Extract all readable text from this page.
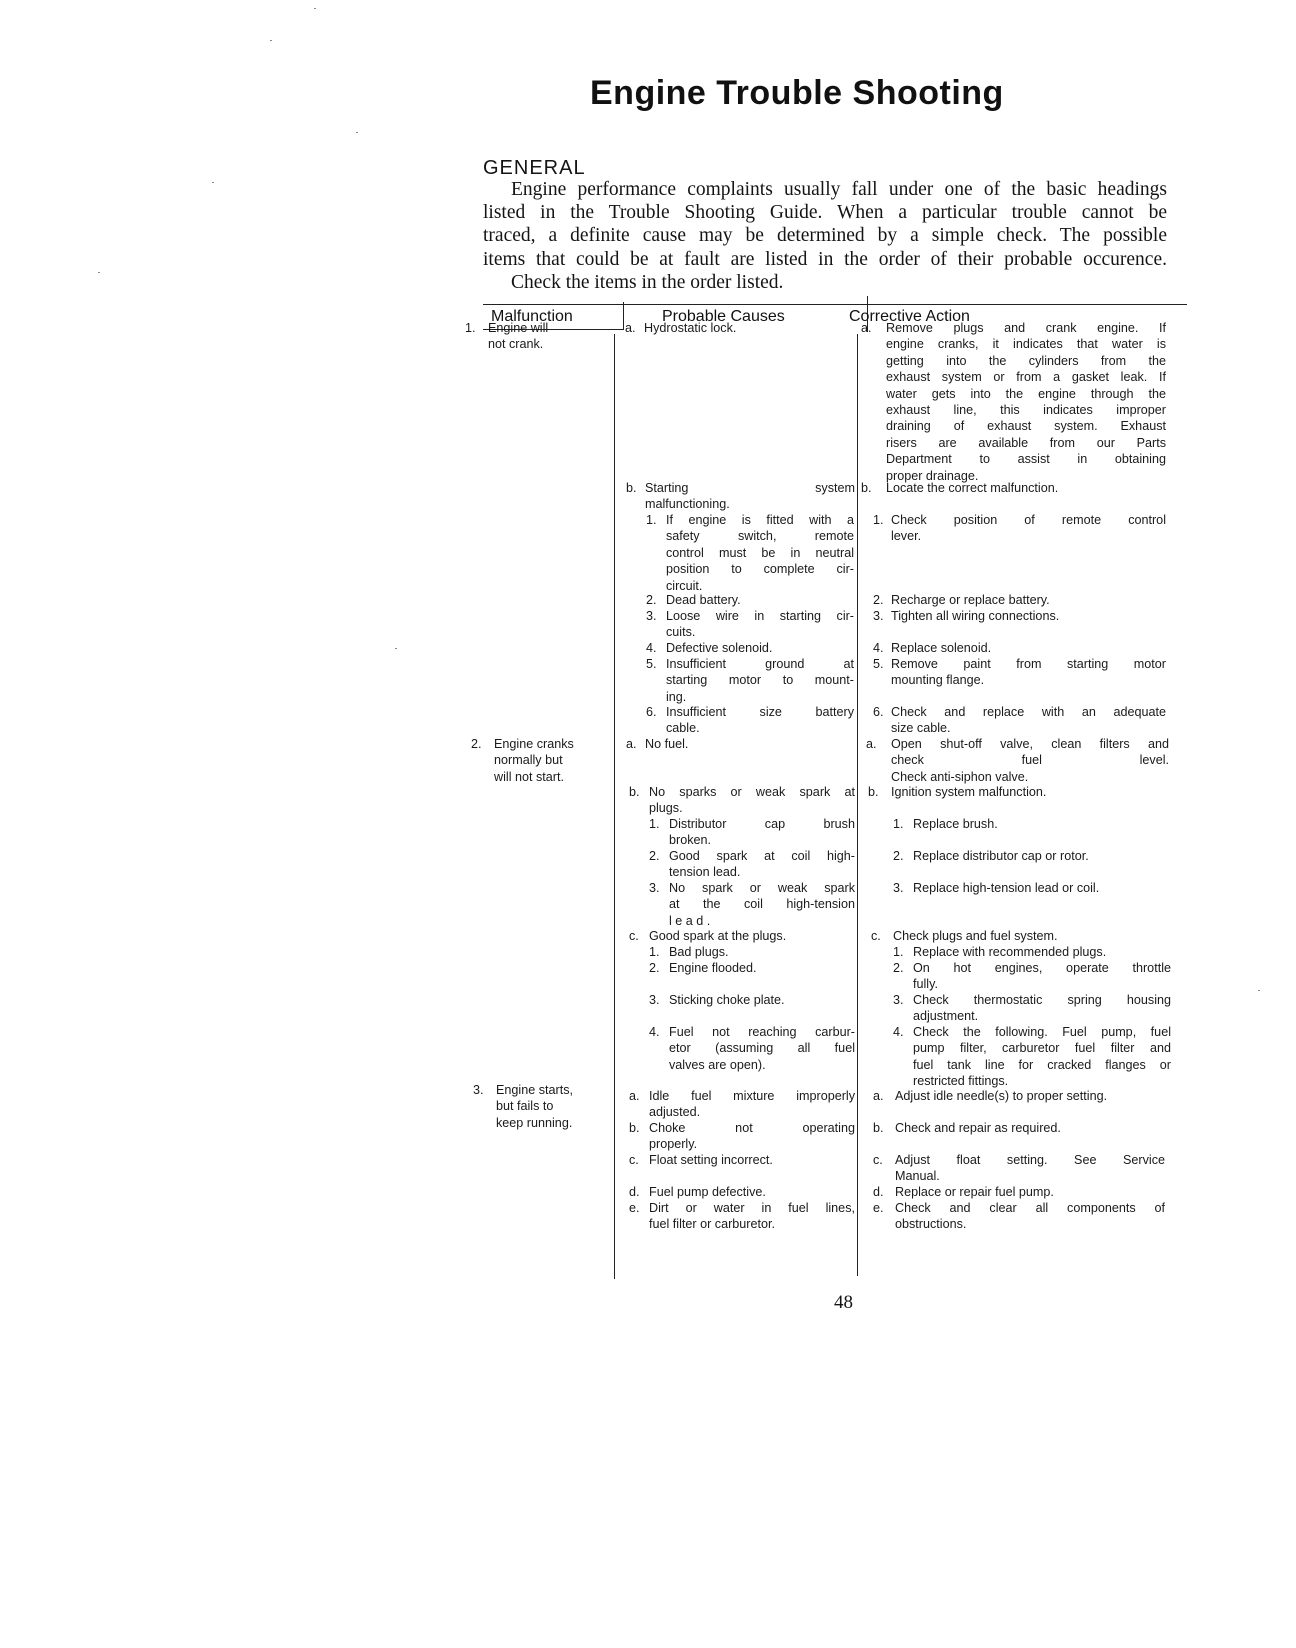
Engine Trouble Shooting
GENERAL
Engine performance complaints usually fall under one of the basic headings
listed in the Trouble Shooting Guide. When a particular trouble cannot be
traced, a definite cause may be determined by a simple check. The possible
items that could be at fault are listed in the order of their probable occurence.
Check the items in the order listed.
Malfunction	Probable Causes	Corrective Action
1. Engine will
not crank.
2. Engine cranks
normally but
will not start.
3. Engine starts,
but fails to
keep running.
a. Hydrostatic lock.
b. Starting system
malfunctioning.
1. If engine is fitted with a
safety switch, remote
control must be in neutral
position to complete cir-
circuit.
2. Dead battery.
3. Loose wire in starting cir-
cuits.
4. Defective solenoid.
5. Insufficient ground at
starting motor to mount-
ing.
6. Insufficient size battery
cable.
a. No fuel.
b. No sparks or weak spark at
plugs.
1. Distributor cap brush
broken.
2. Good spark at coil high-
tension lead.
3. No spark or weak spark
at the coil high-tension
l e a d .
c. Good spark at the plugs.
1. Bad plugs.
2. Engine flooded.
3. Sticking choke plate.
4. Fuel not reaching carbur-
etor (assuming all fuel
valves are open).
a. Idle fuel mixture improperly
adjusted.
b. Choke not operating
properly.
c. Float setting incorrect.
d. Fuel pump defective.
e. Dirt or water in fuel lines,
fuel filter or carburetor.
a. Remove plugs and crank engine. If
engine cranks, it indicates that water is
getting into the cylinders from the
exhaust system or from a gasket leak. If
water gets into the engine through the
exhaust line, this indicates improper
draining of exhaust system. Exhaust
risers are available from our Parts
Department to assist in obtaining
proper drainage.
b. Locate the correct malfunction.
1. Check position of remote control
lever.
2. Recharge or replace battery.
3. Tighten all wiring connections.
4. Replace solenoid.
5. Remove paint from starting motor
mounting flange.
6. Check and replace with an adequate
size cable.
a. Open shut-off valve, clean filters and
check fuel level.
Check anti-siphon valve.
b. Ignition system malfunction.
1. Replace brush.
2. Replace distributor cap or rotor.
3. Replace high-tension lead or coil.
c. Check plugs and fuel system.
1. Replace with recommended plugs.
2. On hot engines, operate throttle
fully.
3. Check thermostatic spring housing
adjustment.
4. Check the following. Fuel pump, fuel
pump filter, carburetor fuel filter and
fuel tank line for cracked flanges or
restricted fittings.
a. Adjust idle needle(s) to proper setting.
b. Check and repair as required.
c. Adjust float setting. See Service
Manual.
d. Replace or repair fuel pump.
e. Check and clear all components of
obstructions.
48
